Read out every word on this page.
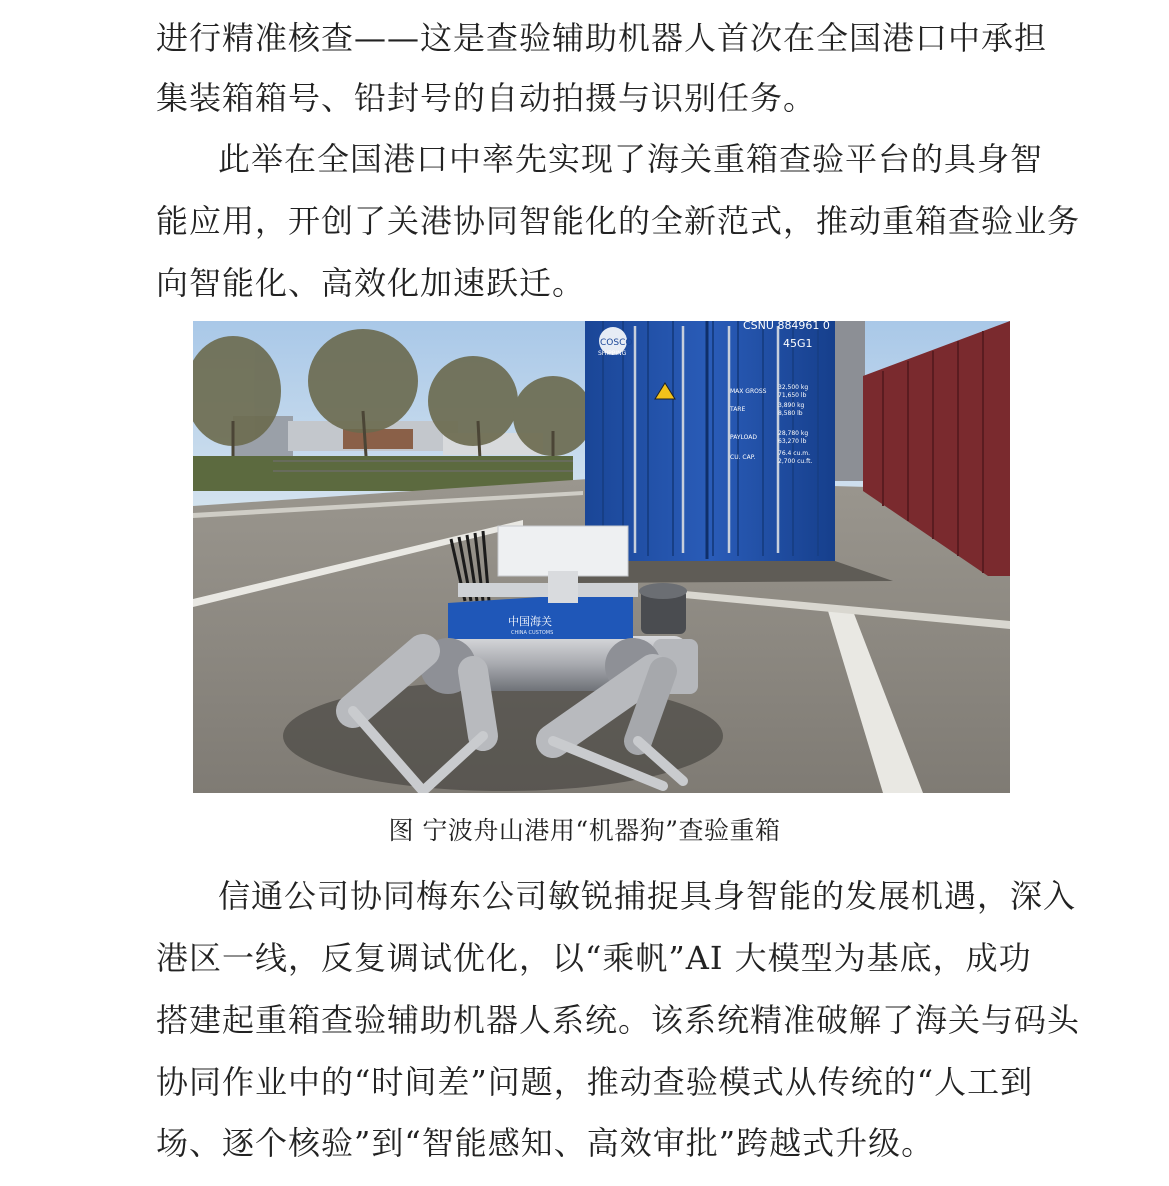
进行精准核查——这是查验辅助机器人首次在全国港口中承担

集装箱箱号、铅封号的自动拍摄与识别任务。

此举在全国港口中率先实现了海关重箱查验平台的具身智

能应用，开创了关港协同智能化的全新范式，推动重箱查验业务

向智能化、高效化加速跃迁。

COSCO
SHIPPING
CSNU 884961 0
45G1
MAX GROSS
32,500 kg
71,650 lb
TARE
3,890 kg
8,580 lb
PAYLOAD
28,780 kg
63,270 lb
CU. CAP.
76.4 cu.m.
2,700 cu.ft.
中国海关
CHINA CUSTOMS

图 宁波舟山港用“机器狗”查验重箱

信通公司协同梅东公司敏锐捕捉具身智能的发展机遇，深入

港区一线，反复调试优化，以“乘帆”AI 大模型为基底，成功

搭建起重箱查验辅助机器人系统。该系统精准破解了海关与码头

协同作业中的“时间差”问题，推动查验模式从传统的“人工到

场、逐个核验”到“智能感知、高效审批”跨越式升级。
